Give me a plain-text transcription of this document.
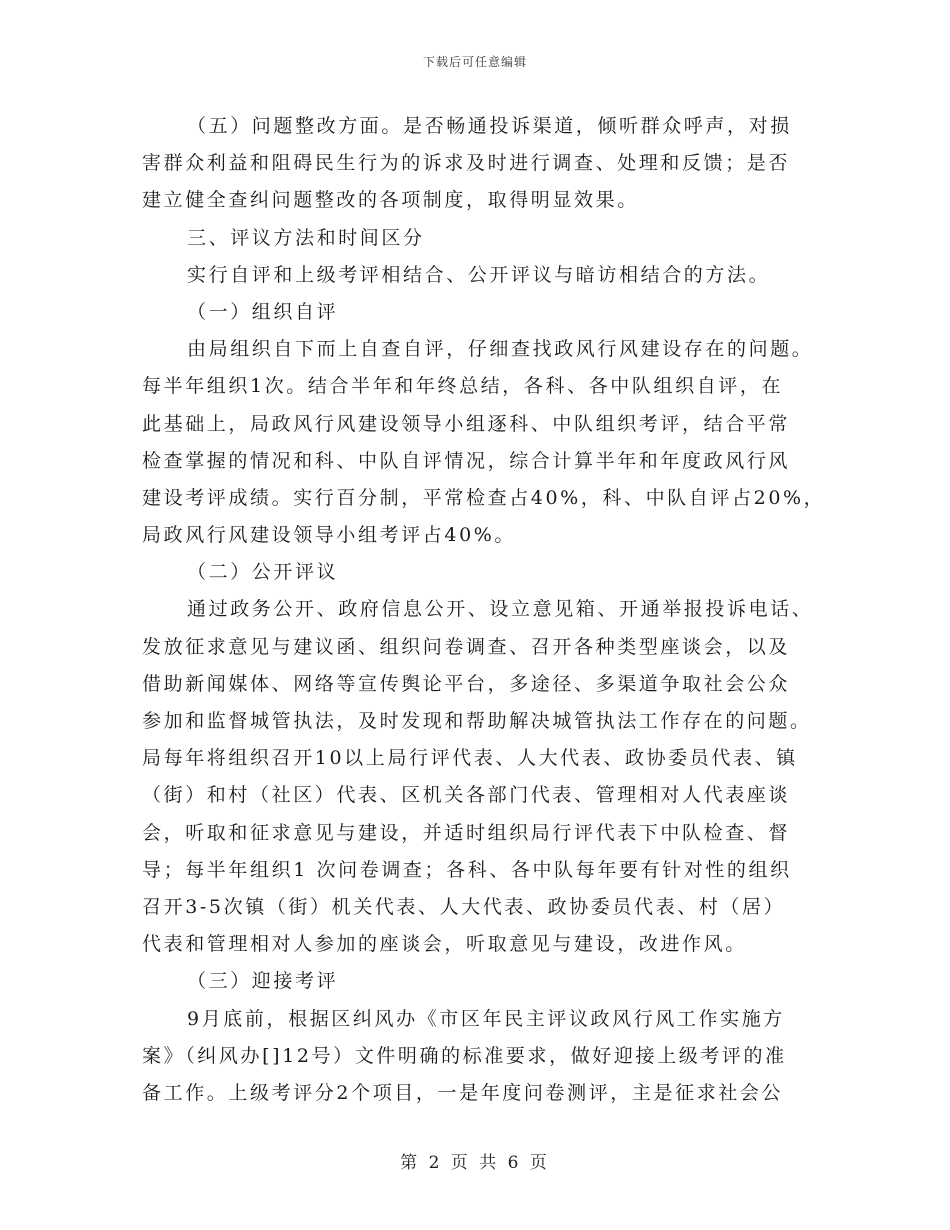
下载后可任意编辑
（五）问题整改方面。是否畅通投诉渠道，倾听群众呼声，对损
害群众利益和阻碍民生行为的诉求及时进行调查、处理和反馈；是否
建立健全查纠问题整改的各项制度，取得明显效果。
三、评议方法和时间区分
实行自评和上级考评相结合、公开评议与暗访相结合的方法。
（一）组织自评
由局组织自下而上自查自评，仔细查找政风行风建设存在的问题。
每半年组织1次。结合半年和年终总结，各科、各中队组织自评，在
此基础上，局政风行风建设领导小组逐科、中队组织考评，结合平常
检查掌握的情况和科、中队自评情况，综合计算半年和年度政风行风
建设考评成绩。实行百分制，平常检查占40%，科、中队自评占20%，
局政风行风建设领导小组考评占40%。
（二）公开评议
通过政务公开、政府信息公开、设立意见箱、开通举报投诉电话、
发放征求意见与建议函、组织问卷调查、召开各种类型座谈会，以及
借助新闻媒体、网络等宣传舆论平台，多途径、多渠道争取社会公众
参加和监督城管执法，及时发现和帮助解决城管执法工作存在的问题。
局每年将组织召开10以上局行评代表、人大代表、政协委员代表、镇
（街）和村（社区）代表、区机关各部门代表、管理相对人代表座谈
会，听取和征求意见与建设，并适时组织局行评代表下中队检查、督
导；每半年组织1 次问卷调查；各科、各中队每年要有针对性的组织
召开3-5次镇（街）机关代表、人大代表、政协委员代表、村（居）
代表和管理相对人参加的座谈会，听取意见与建设，改进作风。
（三）迎接考评
9月底前，根据区纠风办《市区年民主评议政风行风工作实施方
案》（纠风办[]12号）文件明确的标准要求，做好迎接上级考评的准
备工作。上级考评分2个项目，一是年度问卷测评，主是征求社会公
第 2 页 共 6 页
